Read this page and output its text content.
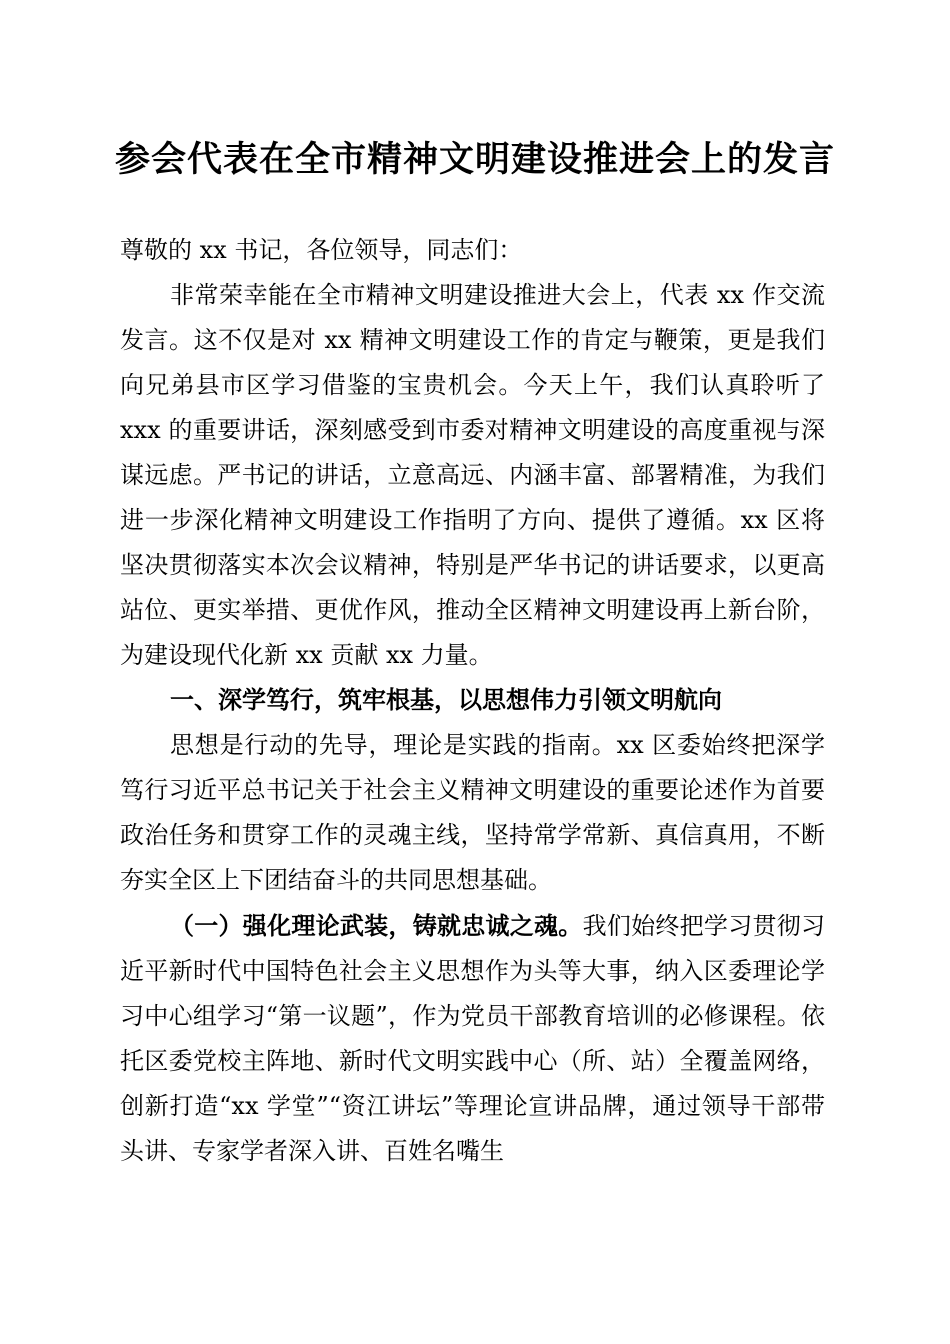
参会代表在全市精神文明建设推进会上的发言

尊敬的 xx 书记，各位领导，同志们：

非常荣幸能在全市精神文明建设推进大会上，代表 xx 作交流发言。这不仅是对 xx 精神文明建设工作的肯定与鞭策，更是我们向兄弟县市区学习借鉴的宝贵机会。今天上午，我们认真聆听了 xxx 的重要讲话，深刻感受到市委对精神文明建设的高度重视与深谋远虑。严书记的讲话，立意高远、内涵丰富、部署精准，为我们进一步深化精神文明建设工作指明了方向、提供了遵循。xx 区将坚决贯彻落实本次会议精神，特别是严华书记的讲话要求，以更高站位、更实举措、更优作风，推动全区精神文明建设再上新台阶，为建设现代化新 xx 贡献 xx 力量。

一、深学笃行，筑牢根基，以思想伟力引领文明航向

思想是行动的先导，理论是实践的指南。xx 区委始终把深学笃行习近平总书记关于社会主义精神文明建设的重要论述作为首要政治任务和贯穿工作的灵魂主线，坚持常学常新、真信真用，不断夯实全区上下团结奋斗的共同思想基础。

（一）强化理论武装，铸就忠诚之魂。我们始终把学习贯彻习近平新时代中国特色社会主义思想作为头等大事，纳入区委理论学习中心组学习“第一议题”，作为党员干部教育培训的必修课程。依托区委党校主阵地、新时代文明实践中心（所、站）全覆盖网络，创新打造“xx 学堂”“资江讲坛”等理论宣讲品牌，通过领导干部带头讲、专家学者深入讲、百姓名嘴生
